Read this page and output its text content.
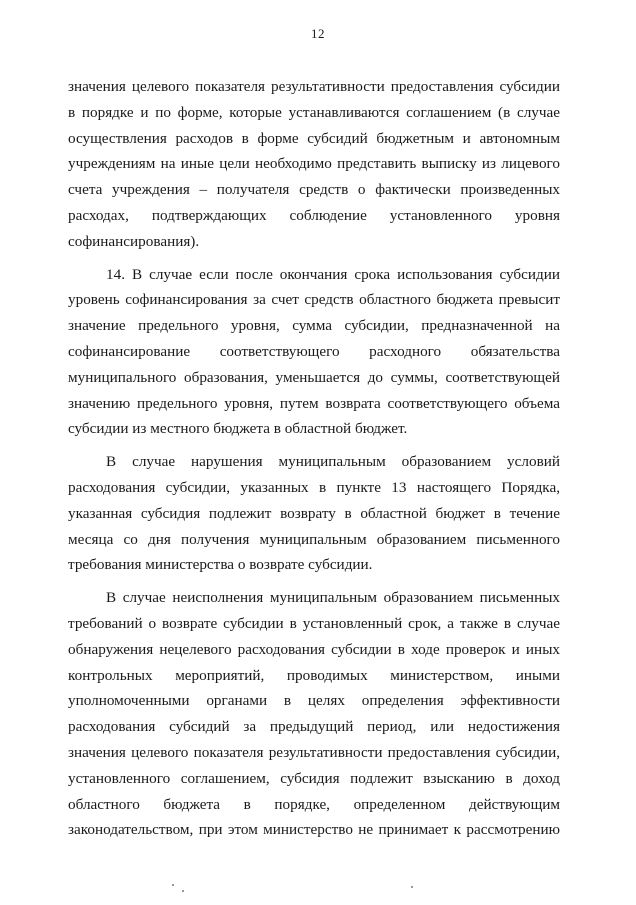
12
значения целевого показателя результативности предоставления субсидии
в порядке и по форме, которые устанавливаются соглашением (в случае
осуществления расходов в форме субсидий бюджетным и автономным
учреждениям на иные цели необходимо представить выписку из лицевого
счета учреждения – получателя средств о фактически произведенных
расходах, подтверждающих соблюдение установленного уровня
софинансирования).
14. В случае если после окончания срока использования субсидии
уровень софинансирования за счет средств областного бюджета превысит
значение предельного уровня, сумма субсидии, предназначенной на
софинансирование соответствующего расходного обязательства
муниципального образования, уменьшается до суммы, соответствующей
значению предельного уровня, путем возврата соответствующего объема
субсидии из местного бюджета в областной бюджет.
В случае нарушения муниципальным образованием условий
расходования субсидии, указанных в пункте 13 настоящего Порядка,
указанная субсидия подлежит возврату в областной бюджет в течение
месяца со дня получения муниципальным образованием письменного
требования министерства о возврате субсидии.
В случае неисполнения муниципальным образованием письменных
требований о возврате субсидии в установленный срок, а также в случае
обнаружения нецелевого расходования субсидии в ходе проверок и иных
контрольных мероприятий, проводимых министерством, иными
уполномоченными органами в целях определения эффективности
расходования субсидий за предыдущий период, или недостижения
значения целевого показателя результативности предоставления субсидии,
установленного соглашением, субсидия подлежит взысканию в доход
областного бюджета в порядке, определенном действующим
законодательством, при этом министерство не принимает к рассмотрению
